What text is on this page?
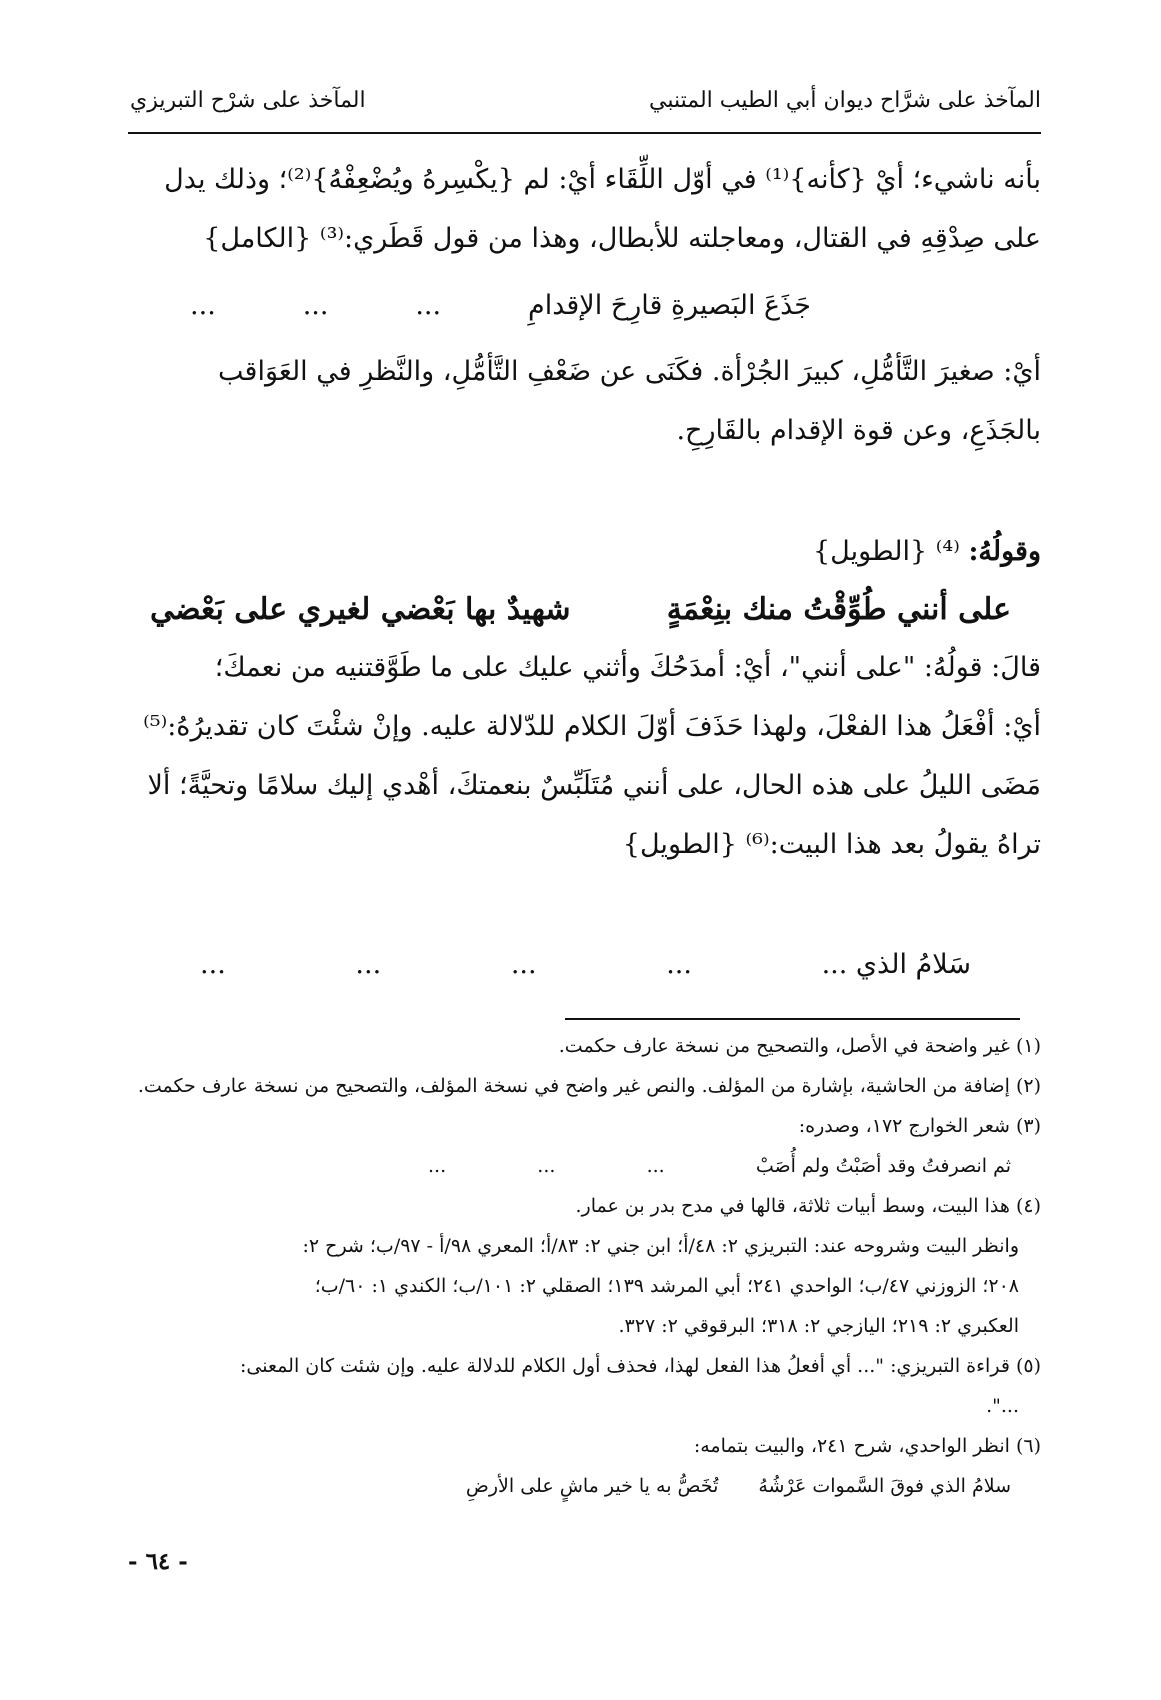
المآخذ على شرَّاح ديوان أبي الطيب المتنبي
المآخذ على شرْح التبريزي
بأنه ناشيء؛ أيْ {كأنه}⁽¹⁾ في أوّل اللِّقَاء أيْ: لم {يكْسِرهُ ويُضْعِفْهُ}⁽²⁾؛ وذلك يدل
على صِدْقِهِ في القتال، ومعاجلته للأبطال، وهذا من قول قَطَري:⁽³⁾ {الكامل}
جَذَعَ البَصيرةِ قارِحَ الإقدامِ
...
...
...
أيْ: صغيرَ التَّأمُّلِ، كبيرَ الجُرْأة. فكَنَى عن ضَعْفِ التَّأمُّلِ، والنَّظرِ في العَوَاقب
بالجَذَعِ، وعن قوة الإقدام بالقَارِحِ.
وقولُهُ: ⁽⁴⁾ {الطويل}
على أنني طُوِّقْتُ منك بنِعْمَةٍ
شهيدٌ بها بَعْضي لغيري على بَعْضي
قالَ: قولُهُ: "على أنني"، أيْ: أمدَحُكَ وأثني عليك على ما طَوَّقتنيه من نعمكَ؛
أيْ: أفْعَلُ هذا الفعْلَ، ولهذا حَذَفَ أوّلَ الكلام للدّلالة عليه. وإنْ شئْتَ كان تقديرُهُ:⁽⁵⁾
مَضَى الليلُ على هذه الحال، على أنني مُتَلَبِّسٌ بنعمتكَ، أهْدي إليك سلامًا وتحيَّةً؛ ألا
تراهُ يقولُ بعد هذا البيت:⁽⁶⁾ {الطويل}
سَلامُ الذي ...
...
...
...
...
(١) غير واضحة في الأصل، والتصحيح من نسخة عارف حكمت.
(٢) إضافة من الحاشية، بإشارة من المؤلف. والنص غير واضح في نسخة المؤلف، والتصحيح من نسخة عارف حكمت.
(٣) شعر الخوارج ١٧٢، وصدره:
ثم انصرفتُ وقد أصَبْتُ ولم أُصَبْ
...
...
...
(٤) هذا البيت، وسط أبيات ثلاثة، قالها في مدح بدر بن عمار.
وانظر البيت وشروحه عند: التبريزي ٢: ٤٨/أ؛ ابن جني ٢: ٨٣/أ؛ المعري ٩٨/أ - ٩٧/ب؛ شرح ٢:
٢٠٨؛ الزوزني ٤٧/ب؛ الواحدي ٢٤١؛ أبي المرشد ١٣٩؛ الصقلي ٢: ١٠١/ب؛ الكندي ١: ٦٠/ب؛
العكبري ٢: ٢١٩؛ اليازجي ٢: ٣١٨؛ البرقوقي ٢: ٣٢٧.
(٥) قراءة التبريزي: "... أي أفعلُ هذا الفعل لهذا، فحذف أول الكلام للدلالة عليه. وإن شئت كان المعنى:
...".
(٦) انظر الواحدي، شرح ٢٤١، والبيت بتمامه:
سلامُ الذي فوقَ السَّموات عَرْشُهُ
تُخَصُّ به يا خير ماشٍ على الأرضِ
- ٦٤ -
